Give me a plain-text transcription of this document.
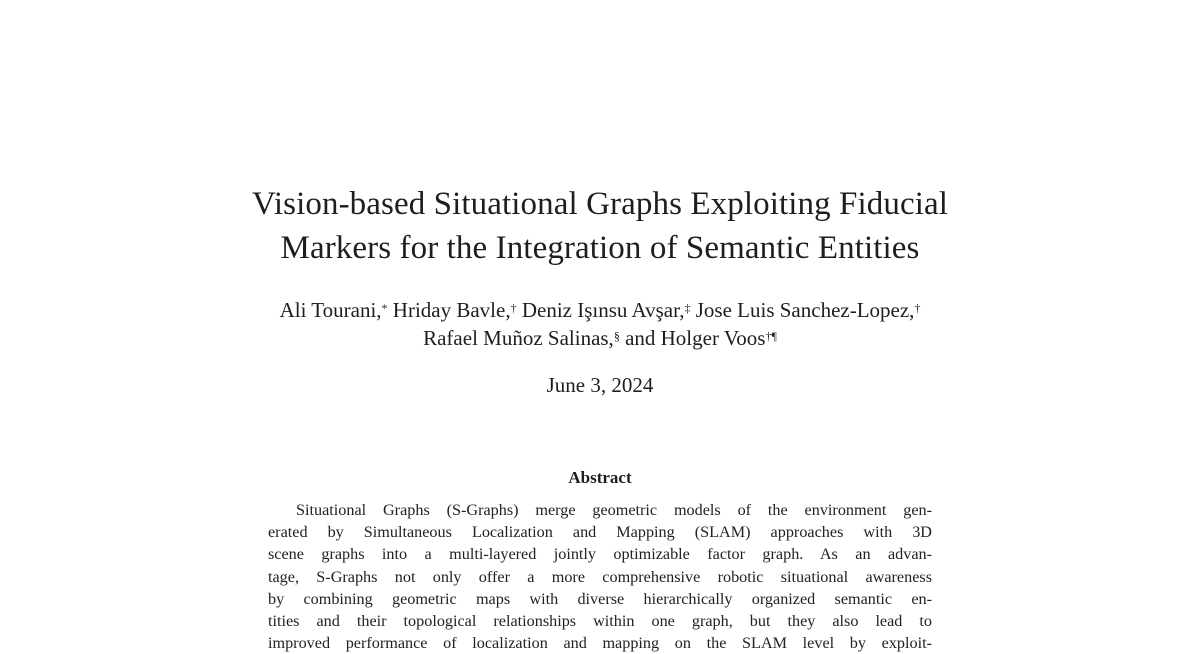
Vision-based Situational Graphs Exploiting Fiducial
Markers for the Integration of Semantic Entities
Ali Tourani,* Hriday Bavle,† Deniz Işınsu Avşar,‡ Jose Luis Sanchez-Lopez,†
Rafael Muñoz Salinas,§ and Holger Voos†¶
June 3, 2024
Abstract
Situational Graphs (S-Graphs) merge geometric models of the environment gen-
erated by Simultaneous Localization and Mapping (SLAM) approaches with 3D
scene graphs into a multi-layered jointly optimizable factor graph. As an advan-
tage, S-Graphs not only offer a more comprehensive robotic situational awareness
by combining geometric maps with diverse hierarchically organized semantic en-
tities and their topological relationships within one graph, but they also lead to
improved performance of localization and mapping on the SLAM level by exploit-
